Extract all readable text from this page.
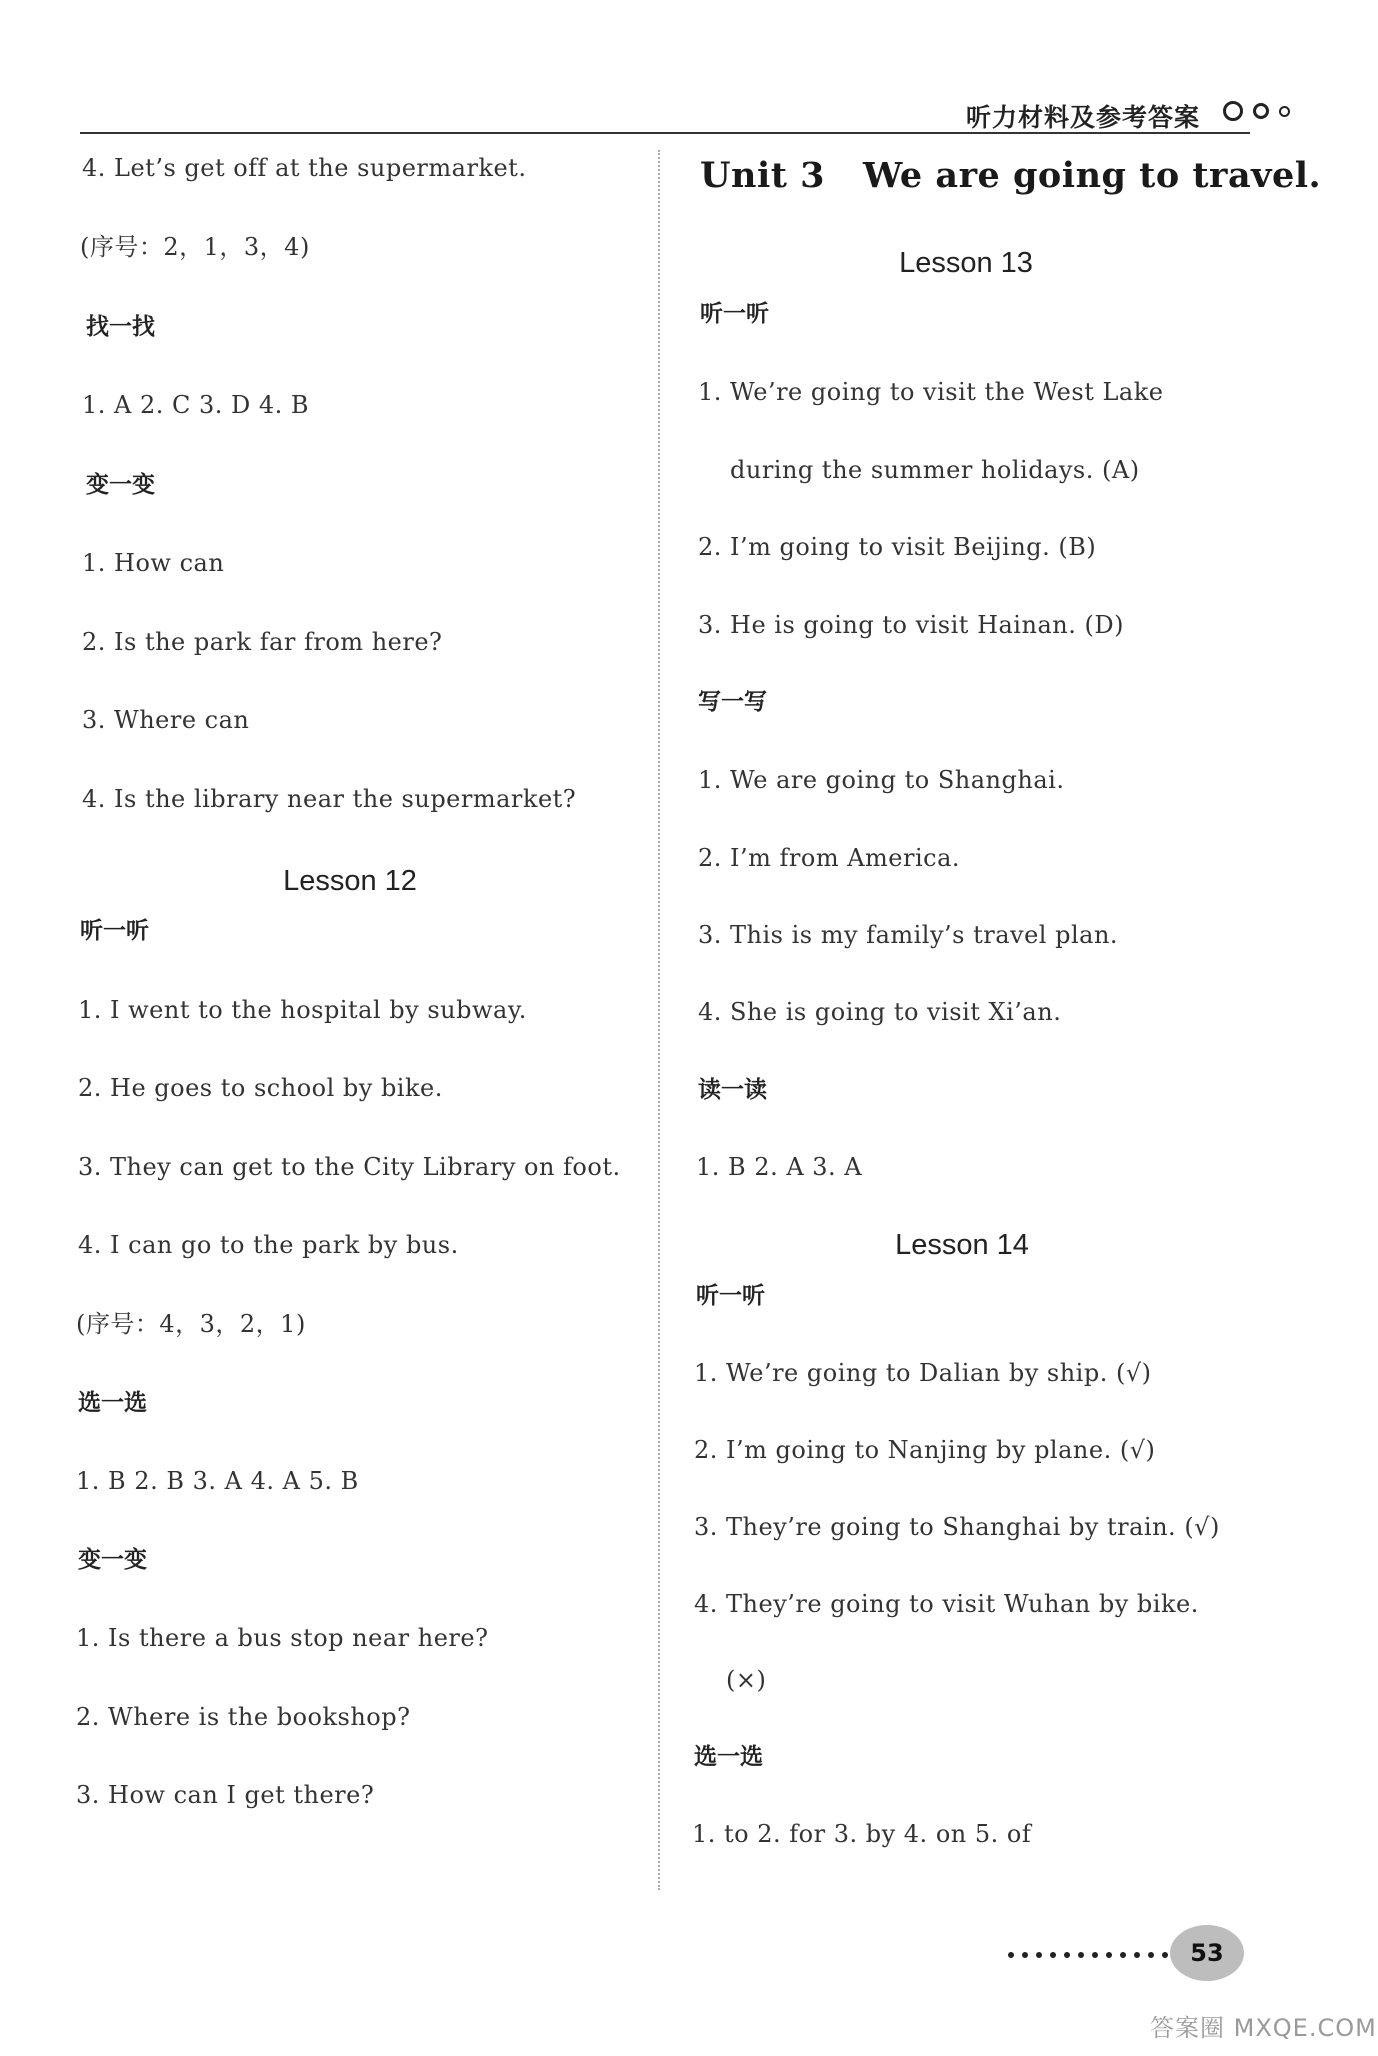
听力材料及参考答案
4. Let’s get off at the supermarket.
(序号：2，1，3，4)
找一找
1. A 2. C 3. D 4. B
变一变
1. How can
2. Is the park far from here?
3. Where can
4. Is the library near the supermarket?
Lesson 12
听一听
1. I went to the hospital by subway.
2. He goes to school by bike.
3. They can get to the City Library on foot.
4. I can go to the park by bus.
(序号：4，3，2，1)
选一选
1. B 2. B 3. A 4. A 5. B
变一变
1. Is there a bus stop near here?
2. Where is the bookshop?
3. How can I get there?
Unit 3 We are going to travel.
Lesson 13
听一听
1. We’re going to visit the West Lake
during the summer holidays. (A)
2. I’m going to visit Beijing. (B)
3. He is going to visit Hainan. (D)
写一写
1. We are going to Shanghai.
2. I’m from America.
3. This is my family’s travel plan.
4. She is going to visit Xi’an.
读一读
1. B 2. A 3. A
Lesson 14
听一听
1. We’re going to Dalian by ship. (√)
2. I’m going to Nanjing by plane. (√)
3. They’re going to Shanghai by train. (√)
4. They’re going to visit Wuhan by bike.
(×)
选一选
1. to 2. for 3. by 4. on 5. of
53
答案圈 MXQE.COM
